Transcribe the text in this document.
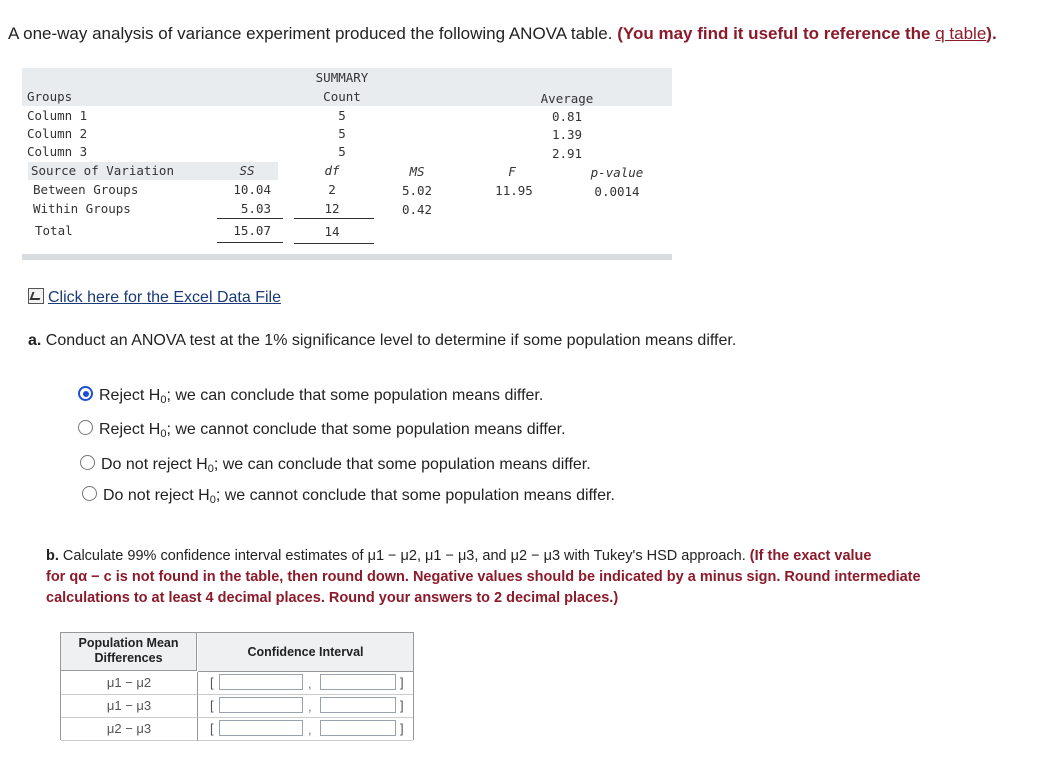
A one-way analysis of variance experiment produced the following ANOVA table. (You may find it useful to reference the q table).
SUMMARY
Groups	Count	Average
Column 1	5	0.81
Column 2	5	1.39
Column 3	5	2.91
Source of Variation	SS	df	MS	F	p-value
Between Groups	10.04	2	5.02	11.95	0.0014
Within Groups	5.03	12	0.42
Total	15.07	14
Click here for the Excel Data File
a. Conduct an ANOVA test at the 1% significance level to determine if some population means differ.
Reject $H_0$; we can conclude that some population means differ.
Reject $H_0$; we cannot conclude that some population means differ.
Do not reject $H_0$; we can conclude that some population means differ.
Do not reject $H_0$; we cannot conclude that some population means differ.
b. Calculate 99% confidence interval estimates of μ1 − μ2, μ1 − μ3, and μ2 − μ3 with Tukey's HSD approach. (If the exact value
for qα − c is not found in the table, then round down. Negative values should be indicated by a minus sign. Round intermediate
calculations to at least 4 decimal places. Round your answers to 2 decimal places.)
Population Mean Differences	Confidence Interval
μ1 − μ2	[	,	]
μ1 − μ3	[	,	]
μ2 − μ3	[	,	]
